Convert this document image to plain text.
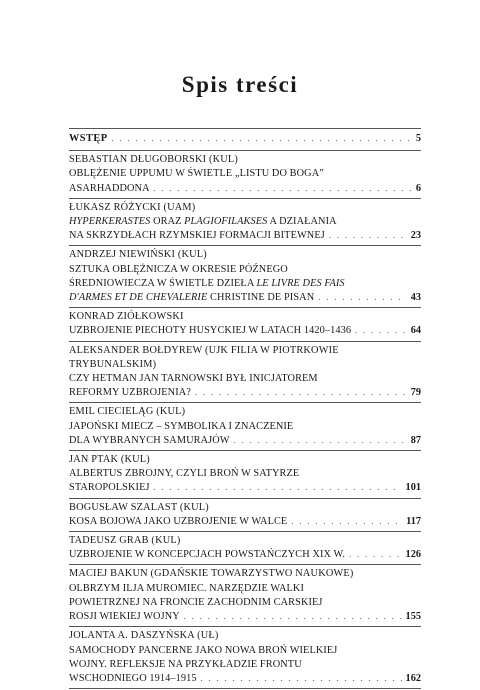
Spis treści
WSTĘP . . .	5
SEBASTIAN DŁUGOBORSKI (KUL)
OBLĘŻENIE UPPUMU W ŚWIETLE „LISTU DO BOGA”
ASARHADDONA . . .	6
ŁUKASZ RÓŻYCKI (UAM)
HYPERKERASTES ORAZ PLAGIOFILAKSES A DZIAŁANIA
NA SKRZYDŁACH RZYMSKIEJ FORMACJI BITEWNEJ . . .	23
ANDRZEJ NIEWIŃSKI (KUL)
SZTUKA OBLĘŻNICZA W OKRESIE PÓŹNEGO
ŚREDNIOWIECZA W ŚWIETLE DZIEŁA LE LIVRE DES FAIS
D'ARMES ET DE CHEVALERIE CHRISTINE DE PISAN . . .	43
KONRAD ZIÓŁKOWSKI
UZBROJENIE PIECHOTY HUSYCKIEJ W LATACH 1420–1436 . . .	64
ALEKSANDER BOŁDYREW (UJK FILIA W PIOTRKOWIE TRYBUNALSKIM)
CZY HETMAN JAN TARNOWSKI BYŁ INICJATOREM
REFORMY UZBROJENIA? . . .	79
EMIL CIECIELĄG (KUL)
JAPOŃSKI MIECZ – SYMBOLIKA I ZNACZENIE
DLA WYBRANYCH SAMURAJÓW . . .	87
JAN PTAK (KUL)
ALBERTUS ZBROJNY, CZYLI BROŃ W SATYRZE
STAROPOLSKIEJ . . .	101
BOGUSŁAW SZALAST (KUL)
KOSA BOJOWA JAKO UZBROJENIE W WALCE . . .	117
TADEUSZ GRAB (KUL)
UZBROJENIE W KONCEPCJACH POWSTAŃCZYCH XIX W. . . .	126
MACIEJ BAKUN (GDAŃSKIE TOWARZYSTWO NAUKOWE)
OLBRZYM ILJA MUROMIEC. NARZĘDZIE WALKI
POWIETRZNEJ NA FRONCIE ZACHODNIM CARSKIEJ
ROSJI WIEKIEJ WOJNY . . .	155
JOLANTA A. DASZYŃSKA (UŁ)
SAMOCHODY PANCERNE JAKO NOWA BROŃ WIELKIEJ
WOJNY. REFLEKSJE NA PRZYKŁADZIE FRONTU
WSCHODNIEGO 1914–1915 . . .	162
